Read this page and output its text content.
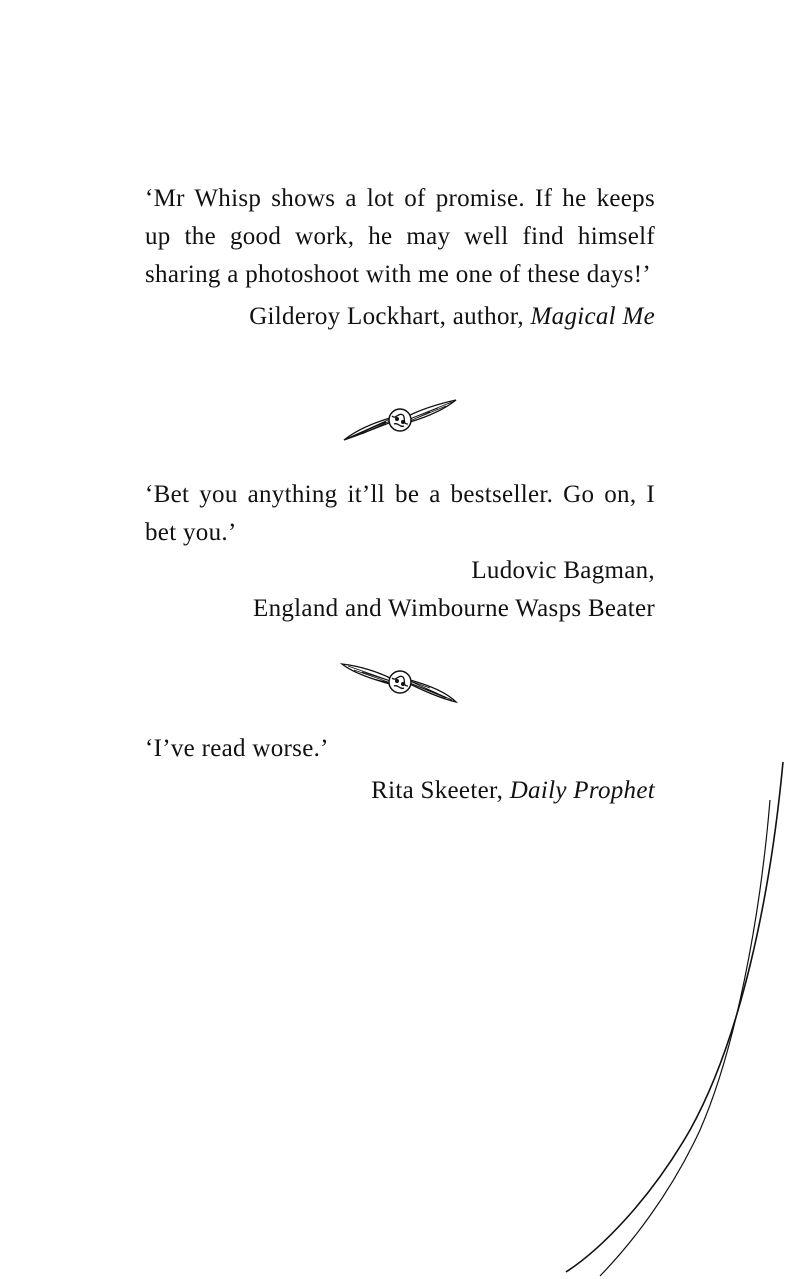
‘Mr Whisp shows a lot of promise. If he keeps up the good work, he may well find himself sharing a photoshoot with me one of these days!’

Gilderoy Lockhart, author, Magical Me

‘Bet you anything it’ll be a bestseller. Go on, I bet you.’

Ludovic Bagman,
England and Wimbourne Wasps Beater

‘I’ve read worse.’

Rita Skeeter, Daily Prophet
